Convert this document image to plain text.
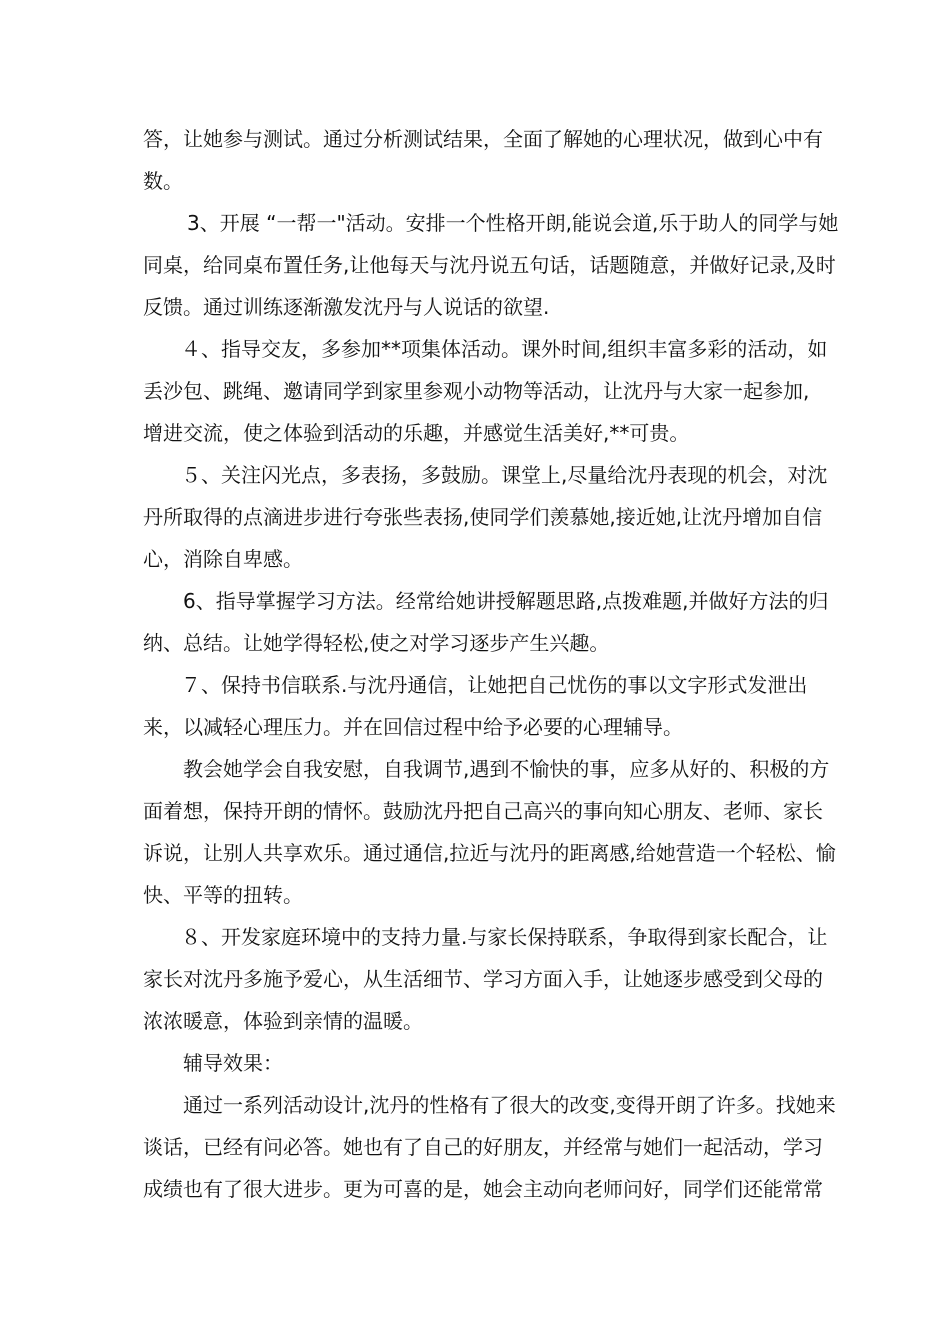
答，让她参与测试。通过分析测试结果，全面了解她的心理状况，做到心中有
数。
3、开展 “一帮一"活动。安排一个性格开朗,能说会道,乐于助人的同学与她
同桌，给同桌布置任务,让他每天与沈丹说五句话，话题随意，并做好记录,及时
反馈。通过训练逐渐激发沈丹与人说话的欲望.
４、指导交友，多参加**项集体活动。课外时间,组织丰富多彩的活动，如
丢沙包、跳绳、邀请同学到家里参观小动物等活动，让沈丹与大家一起参加,
增进交流，使之体验到活动的乐趣，并感觉生活美好,**可贵。
５、关注闪光点，多表扬，多鼓励。课堂上,尽量给沈丹表现的机会，对沈
丹所取得的点滴进步进行夸张些表扬,使同学们羡慕她,接近她,让沈丹增加自信
心，消除自卑感。
6、指导掌握学习方法。经常给她讲授解题思路,点拨难题,并做好方法的归
纳、总结。让她学得轻松,使之对学习逐步产生兴趣。
７、保持书信联系.与沈丹通信，让她把自己忧伤的事以文字形式发泄出
来，以减轻心理压力。并在回信过程中给予必要的心理辅导。
教会她学会自我安慰，自我调节,遇到不愉快的事，应多从好的、积极的方
面着想，保持开朗的情怀。鼓励沈丹把自己高兴的事向知心朋友、老师、家长
诉说，让别人共享欢乐。通过通信,拉近与沈丹的距离感,给她营造一个轻松、愉
快、平等的扭转。
８、开发家庭环境中的支持力量.与家长保持联系，争取得到家长配合，让
家长对沈丹多施予爱心，从生活细节、学习方面入手，让她逐步感受到父母的
浓浓暖意，体验到亲情的温暖。
辅导效果：
通过一系列活动设计,沈丹的性格有了很大的改变,变得开朗了许多。找她来
谈话，已经有问必答。她也有了自己的好朋友，并经常与她们一起活动，学习
成绩也有了很大进步。更为可喜的是，她会主动向老师问好，同学们还能常常
